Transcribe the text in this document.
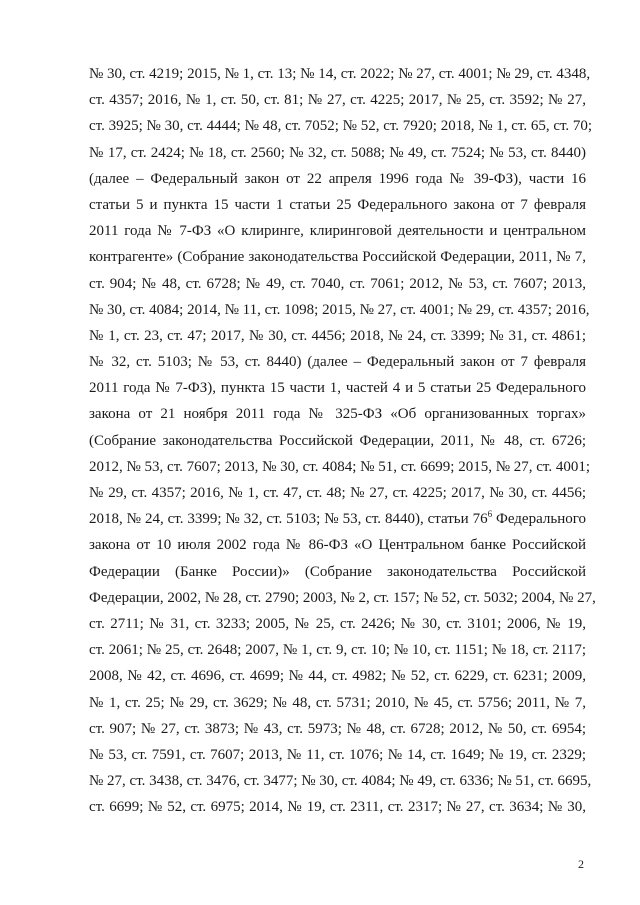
№ 30, ст. 4219; 2015, № 1, ст. 13; № 14, ст. 2022; № 27, ст. 4001; № 29, ст. 4348,
ст. 4357; 2016, № 1, ст. 50, ст. 81; № 27, ст. 4225; 2017, № 25, ст. 3592; № 27,
ст. 3925; № 30, ст. 4444; № 48, ст. 7052; № 52, ст. 7920; 2018, № 1, ст. 65, ст. 70;
№ 17, ст. 2424; № 18, ст. 2560; № 32, ст. 5088; № 49, ст. 7524; № 53, ст. 8440)
(далее – Федеральный закон от 22 апреля 1996 года № 39-ФЗ), части 16
статьи 5 и пункта 15 части 1 статьи 25 Федерального закона от 7 февраля
2011 года № 7-ФЗ «О клиринге, клиринговой деятельности и центральном
контрагенте» (Собрание законодательства Российской Федерации, 2011, № 7,
ст. 904; № 48, ст. 6728; № 49, ст. 7040, ст. 7061; 2012, № 53, ст. 7607; 2013,
№ 30, ст. 4084; 2014, № 11, ст. 1098; 2015, № 27, ст. 4001; № 29, ст. 4357; 2016,
№ 1, ст. 23, ст. 47; 2017, № 30, ст. 4456; 2018, № 24, ст. 3399; № 31, ст. 4861;
№ 32, ст. 5103; № 53, ст. 8440) (далее – Федеральный закон от 7 февраля
2011 года № 7-ФЗ), пункта 15 части 1, частей 4 и 5 статьи 25 Федерального
закона от 21 ноября 2011 года № 325-ФЗ «Об организованных торгах»
(Собрание законодательства Российской Федерации, 2011, № 48, ст. 6726;
2012, № 53, ст. 7607; 2013, № 30, ст. 4084; № 51, ст. 6699; 2015, № 27, ст. 4001;
№ 29, ст. 4357; 2016, № 1, ст. 47, ст. 48; № 27, ст. 4225; 2017, № 30, ст. 4456;
2018, № 24, ст. 3399; № 32, ст. 5103; № 53, ст. 8440), статьи $76^6$ Федерального
закона от 10 июля 2002 года № 86-ФЗ «О Центральном банке Российской
Федерации (Банке России)» (Собрание законодательства Российской
Федерации, 2002, № 28, ст. 2790; 2003, № 2, ст. 157; № 52, ст. 5032; 2004, № 27,
ст. 2711; № 31, ст. 3233; 2005, № 25, ст. 2426; № 30, ст. 3101; 2006, № 19,
ст. 2061; № 25, ст. 2648; 2007, № 1, ст. 9, ст. 10; № 10, ст. 1151; № 18, ст. 2117;
2008, № 42, ст. 4696, ст. 4699; № 44, ст. 4982; № 52, ст. 6229, ст. 6231; 2009,
№ 1, ст. 25; № 29, ст. 3629; № 48, ст. 5731; 2010, № 45, ст. 5756; 2011, № 7,
ст. 907; № 27, ст. 3873; № 43, ст. 5973; № 48, ст. 6728; 2012, № 50, ст. 6954;
№ 53, ст. 7591, ст. 7607; 2013, № 11, ст. 1076; № 14, ст. 1649; № 19, ст. 2329;
№ 27, ст. 3438, ст. 3476, ст. 3477; № 30, ст. 4084; № 49, ст. 6336; № 51, ст. 6695,
ст. 6699; № 52, ст. 6975; 2014, № 19, ст. 2311, ст. 2317; № 27, ст. 3634; № 30,
2
